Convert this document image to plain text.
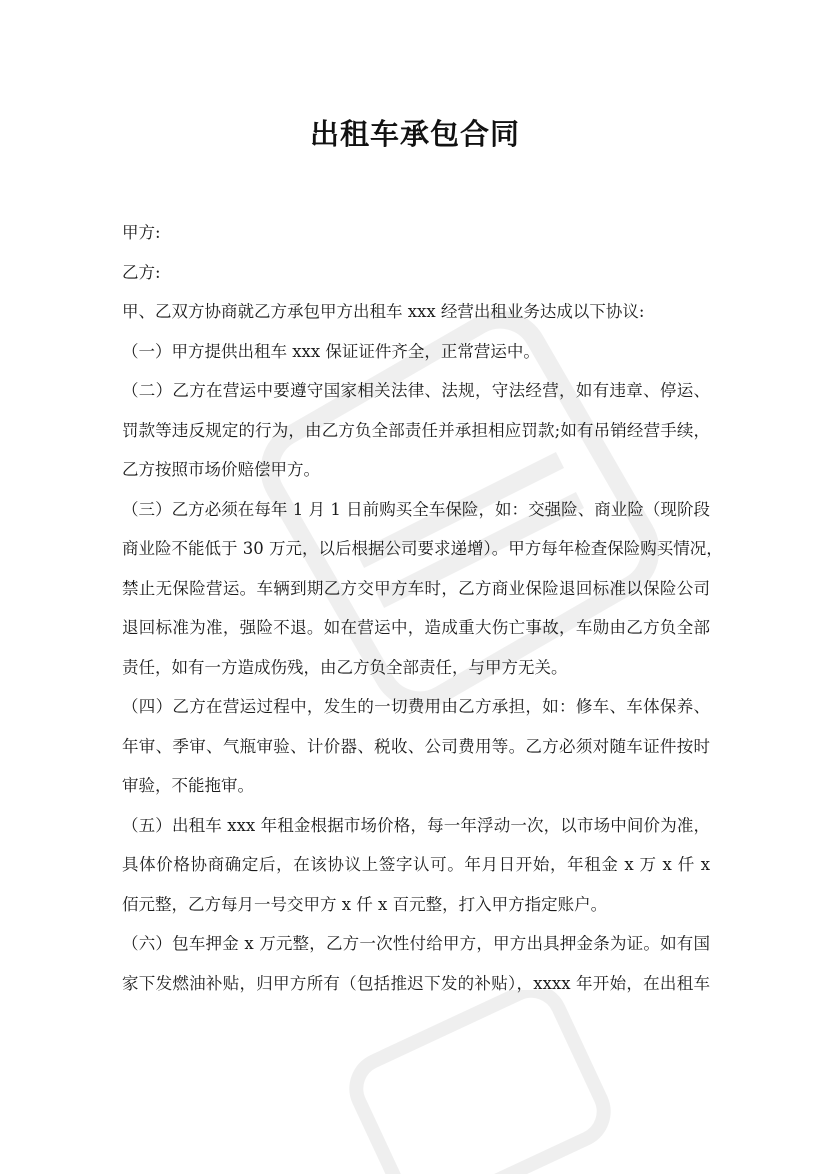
出租车承包合同
甲方:
乙方:
甲、乙双方协商就乙方承包甲方出租车 xxx 经营出租业务达成以下协议:
（一）甲方提供出租车 xxx 保证证件齐全，正常营运中。
（二）乙方在营运中要遵守国家相关法律、法规，守法经营，如有违章、停运、
罚款等违反规定的行为，由乙方负全部责任并承担相应罚款;如有吊销经营手续，
乙方按照市场价赔偿甲方。
（三）乙方必须在每年 1 月 1 日前购买全车保险，如：交强险、商业险（现阶段
商业险不能低于 30 万元，以后根据公司要求递增）。甲方每年检查保险购买情况，
禁止无保险营运。车辆到期乙方交甲方车时，乙方商业保险退回标准以保险公司
退回标准为准，强险不退。如在营运中，造成重大伤亡事故，车勋由乙方负全部
责任，如有一方造成伤残，由乙方负全部责任，与甲方无关。
（四）乙方在营运过程中，发生的一切费用由乙方承担，如：修车、车体保养、
年审、季审、气瓶审验、计价器、税收、公司费用等。乙方必须对随车证件按时
审验，不能拖审。
（五）出租车 xxx 年租金根据市场价格，每一年浮动一次，以市场中间价为准，
具体价格协商确定后，在该协议上签字认可。年月日开始，年租金 x 万 x 仟 x
佰元整，乙方每月一号交甲方 x 仟 x 百元整，打入甲方指定账户。
（六）包车押金 x 万元整，乙方一次性付给甲方，甲方出具押金条为证。如有国
家下发燃油补贴，归甲方所有（包括推迟下发的补贴），xxxx 年开始，在出租车
